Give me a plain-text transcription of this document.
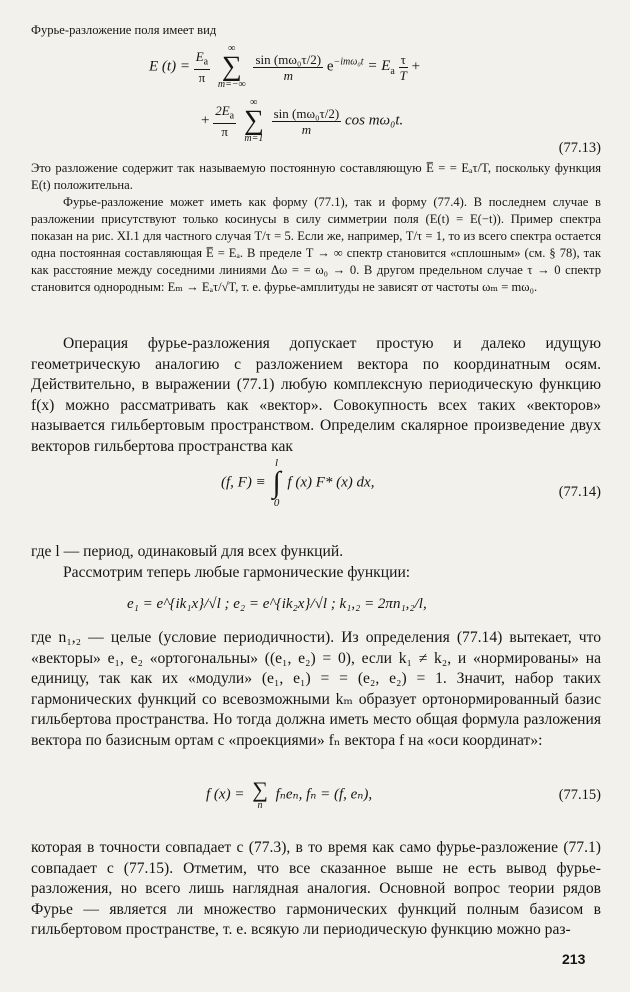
Фурье-разложение поля имеет вид

E $(t) = \frac{E_a}{\pi}$

∞
∑
m=−∞

$\frac{\text{sin (mω₀τ/2)}}{m} e^{-im\omega_0t} = E_a \frac{\tau}{T}$ +
+ $\frac{2E_a}{\pi}$

∞
∑
m=1

$\frac{\text{sin (mω₀τ/2)}}{m}$ cos mω₀t.
(77.13)

Это разложение содержит так называемую постоянную составляющую E̅ = = Eₐτ/T, поскольку функция E(t) положительна.

Фурье-разложение может иметь как форму (77.1), так и форму (77.4). В последнем случае в разложении присутствуют только косинусы в силу симметрии поля (E(t) = E(−t)). Пример спектра показан на рис. XI.1 для частного случая T/τ = 5. Если же, например, T/τ = 1, то из всего спектра остается одна постоянная составляющая E̅ = Eₐ. В пределе T → ∞ спектр становится «сплошным» (см. § 78), так как расстояние между соседними линиями Δω = = ω₀ → 0. В другом предельном случае τ → 0 спектр становится однородным: Eₘ → Eₐτ/√T, т. е. фурье-амплитуды не зависят от частоты ωₘ = mω₀.

Операция фурье-разложения допускает простую и далеко идущую геометрическую аналогию с разложением вектора по координатным осям. Действительно, в выражении (77.1) любую комплексную периодическую функцию f(x) можно рассматривать как «вектор». Совокупность всех таких «векторов» называется гильбертовым пространством. Определим скалярное произведение двух векторов гильбертова пространства как

(f, F) ≡
l
∫
0
f (x) F* (x) dx,
(77.14)

где l — период, одинаковый для всех функций.

Рассмотрим теперь любые гармонические функции:

e₁ = e^{ik₁x}/√l ; e₂ = e^{ik₂x}/√l ; k₁,₂ = 2πn₁,₂/l,

где n₁,₂ — целые (условие периодичности). Из определения (77.14) вытекает, что «векторы» e₁, e₂ «ортогональны» ((e₁, e₂) = 0), если k₁ ≠ k₂, и «нормированы» на единицу, так как их «модули» (e₁, e₁) = = (e₂, e₂) = 1. Значит, набор таких гармонических функций со всевозможными kₘ образует ортонормированный базис гильбертова пространства. Но тогда должна иметь место общая формула разложения вектора по базисным ортам с «проекциями» fₙ вектора f на «оси координат»:

f (x) = ∑
n
fₙeₙ, fₙ = (f, eₙ),	(77.15)

которая в точности совпадает с (77.3), в то время как само фурье-разложение (77.1) совпадает с (77.15). Отметим, что все сказанное выше не есть вывод фурье-разложения, но всего лишь наглядная аналогия. Основной вопрос теории рядов Фурье — является ли множество гармонических функций полным базисом в гильбертовом пространстве, т. е. всякую ли периодическую функцию можно раз-

213
